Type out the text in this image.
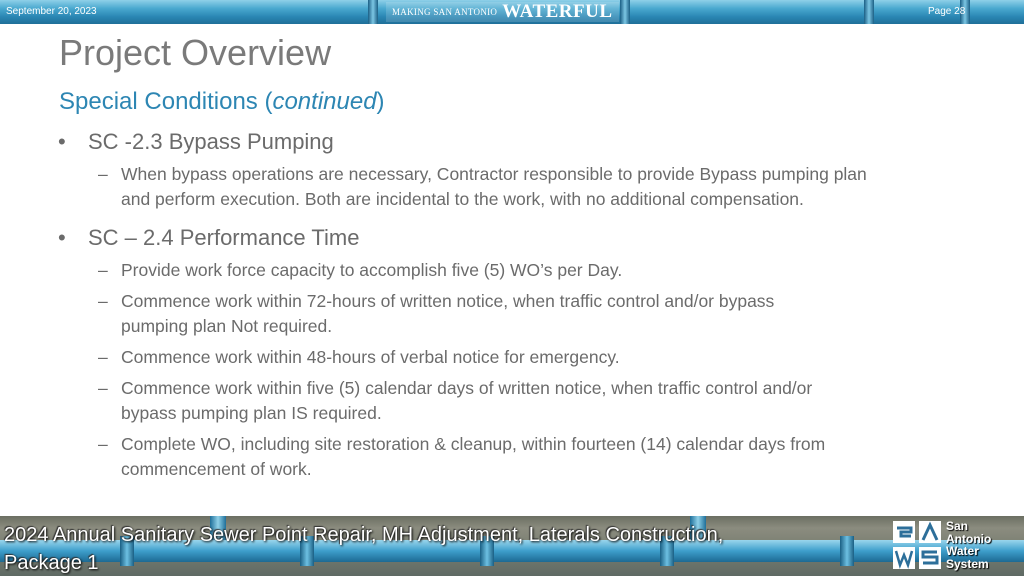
September 20, 2023	MAKING SAN ANTONIO WATERFUL	Page 28
Project Overview
Special Conditions (continued)
• SC -2.3 Bypass Pumping
– When bypass operations are necessary, Contractor responsible to provide Bypass pumping plan
and perform execution. Both are incidental to the work, with no additional compensation.
• SC – 2.4 Performance Time
– Provide work force capacity to accomplish five (5) WO’s per Day.
– Commence work within 72-hours of written notice, when traffic control and/or bypass
pumping plan Not required.
– Commence work within 48-hours of verbal notice for emergency.
– Commence work within five (5) calendar days of written notice, when traffic control and/or
bypass pumping plan IS required.
– Complete WO, including site restoration & cleanup, within fourteen (14) calendar days from
commencement of work.
2024 Annual Sanitary Sewer Point Repair, MH Adjustment, Laterals Construction,
Package 1
San
Antonio
Water
System
